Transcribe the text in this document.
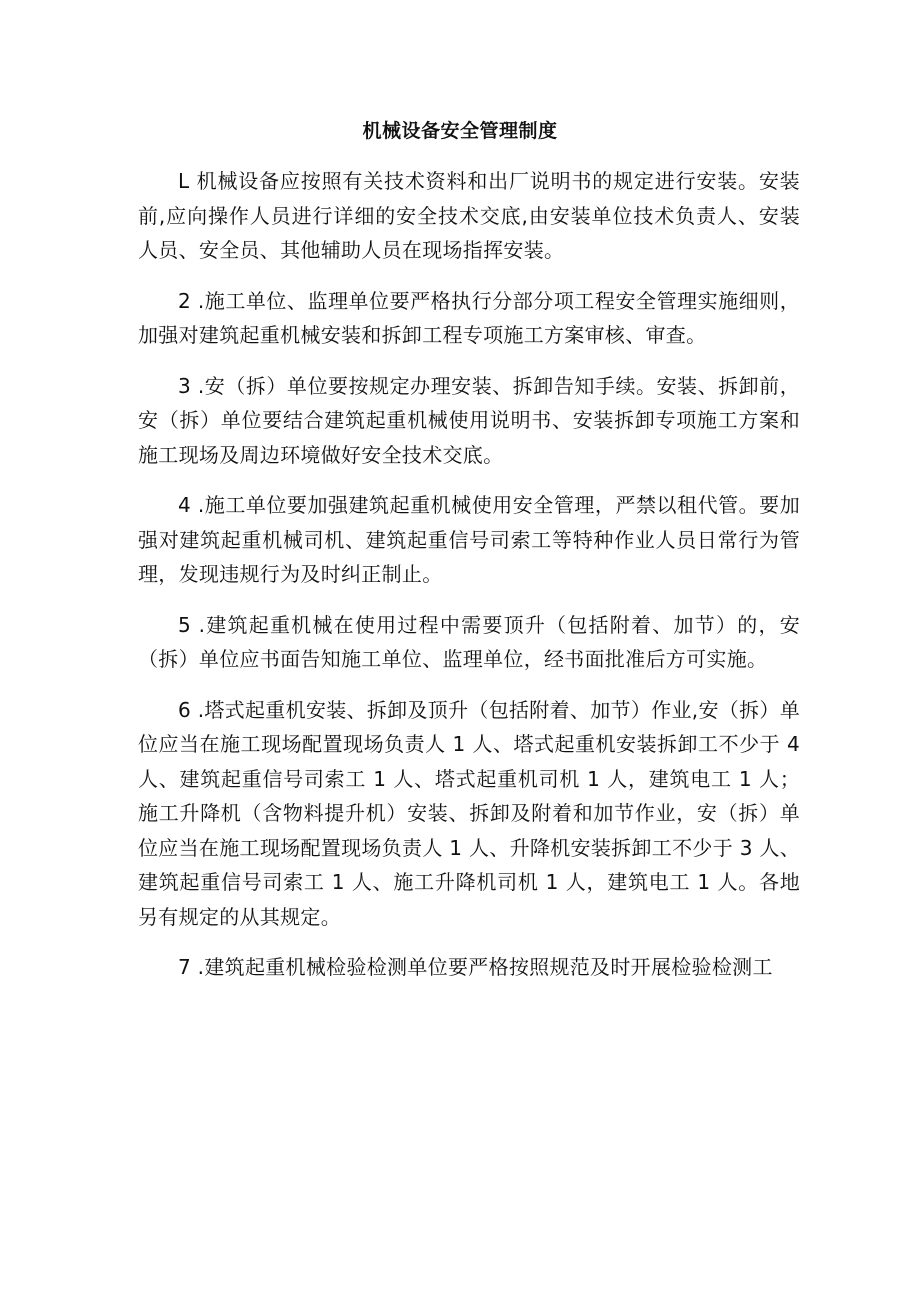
机械设备安全管理制度

L 机械设备应按照有关技术资料和出厂说明书的规定进行安装。安装前,应向操作人员进行详细的安全技术交底,由安装单位技术负责人、安装人员、安全员、其他辅助人员在现场指挥安装。

2 .施工单位、监理单位要严格执行分部分项工程安全管理实施细则，加强对建筑起重机械安装和拆卸工程专项施工方案审核、审查。

3 .安（拆）单位要按规定办理安装、拆卸告知手续。安装、拆卸前，安（拆）单位要结合建筑起重机械使用说明书、安装拆卸专项施工方案和施工现场及周边环境做好安全技术交底。

4 .施工单位要加强建筑起重机械使用安全管理，严禁以租代管。要加强对建筑起重机械司机、建筑起重信号司索工等特种作业人员日常行为管理，发现违规行为及时纠正制止。

5 .建筑起重机械在使用过程中需要顶升（包括附着、加节）的，安（拆）单位应书面告知施工单位、监理单位，经书面批准后方可实施。

6 .塔式起重机安装、拆卸及顶升（包括附着、加节）作业,安（拆）单位应当在施工现场配置现场负责人 1 人、塔式起重机安装拆卸工不少于 4 人、建筑起重信号司索工 1 人、塔式起重机司机 1 人，建筑电工 1 人；施工升降机（含物料提升机）安装、拆卸及附着和加节作业，安（拆）单位应当在施工现场配置现场负责人 1 人、升降机安装拆卸工不少于 3 人、建筑起重信号司索工 1 人、施工升降机司机 1 人，建筑电工 1 人。各地另有规定的从其规定。

7 .建筑起重机械检验检测单位要严格按照规范及时开展检验检测工
